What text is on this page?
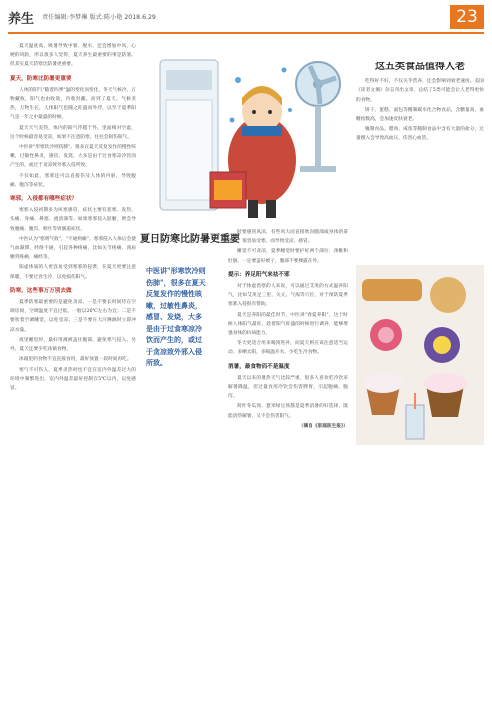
养生 责任编辑:李梦琳 版式:陈小艳 2018.6.29	23
夏日防寒比防暑更重要

夏天温度高，吸暑导致中暑、脱水，还会增加中风、心梗的风险，所以很多人觉得，夏天养生最重要的事是防暑。但其实夏天防寒比防暑更重要。

夏天，防寒比防暑更重要

人体的阳气"随着四季"温的变化而变化，冬天气候冷，万物藏收，阳气也由收敛，内收封藏。而到了夏天，气候炎热，万物生长，人体阳气也随之旺盛而外浮，以至于夏季阳气是一年之中最盛的时候。

夏天天气炎热，体内的阳气浮越于外，里面相对空虚，这个时候最容易受凉，如果不注意防寒，往往会损伤阳气。

中医讲"形寒饮冷则伤肺"。很多在夏天反复发作的慢性咳嗽，过敏性鼻炎，感冒、发烧，大多是由于过食寒凉冷饮而产生的，或过于贪凉致外邪入侵所致。

不仅如此，寒邪还可以直接伤及人体的内脏，导致腹痛、腹泻等症状。

寒邪，入侵都有哪些症状？

寒邪入侵初期多为风寒感冒，症状主要有恶寒、发热、头痛、身痛、鼻塞、流清涕等。如果寒邪侵入脏腑，则会导致腹痛、腹泻、呕吐等胃肠道症状。

中医认为"寒则气收"，"不通则痛"。寒邪侵入人体后会使气血凝滞，经络不通，引起各种疼痛，比如关节疼痛、颈肩腰背疼痛、痛经等。

阳虚体质的人更容易受到寒邪的侵袭，在夏天更要注意保暖，不要过食生冷，以免损伤阳气。

防寒，这些事万万别去做

夏季防寒最重要的是避免贪凉。一是不要长时间待在空调房间，空调温度不宜过低，一般以26℃左右为宜；二是不要吹着空调睡觉，以免受凉；三是不要在大汗淋漓时立即冲凉水澡。

夜里睡觉时，最好用薄被盖住腹部，避免寒气侵入。另外，夏天还要少吃冰镇食物。

冰箱里的食物不宜直接食用，最好放置一段时间再吃。

寒气不可伤人，夏季炎热时也不宜在室内外温差过大的环境中频繁进出，室内外温差最好控制在5℃以内，以免感冒。

中医讲"形寒饮冷则伤肺"，很多在夏天反复发作的慢性咳嗽，过敏性鼻炎，感冒、发烧，大多是由于过食寒凉冷饮而产生的，或过于贪凉致外邪入侵所致。

时要感到风凉，有些风大而直接吹向腿部或身体的某部位，很容易受寒，而导致受凉、感冒。

睡觉不可贪凉，夏季睡觉时要护好两个部位：颈椎和肚脐。一定要盖好被子，腹部不要裸露在外。

提示：养足阳气来祛不邪

对于体虚畏寒的人来说，可以通过艾灸的方式温补阳气，比如艾灸足三里、关元、气海等穴位，对于预防夏季寒邪入侵很有帮助。

夏天是养阳的最佳时节，中医讲"春夏养阳"，这个时候人体阳气最旺，趁着阳气旺盛的时候进行调养，能够增强身体的抗病能力。

冬天更适合用来喝汤进补，而夏天则应该注意适当运动、多晒太阳，多喝温开水，少吃生冷食物。

消暑，最食物而不是温度

夏天以来的暑热天气比较严重，很多人喜欢吃冷饮来解暑降温，但过量食用冷饮会伤害脾胃，引起腹痛、腹泻。

荷叶冬瓜汤、薏米绿豆汤都是夏季消暑的好选择，既能清热解暑，又不会伤害阳气。

（摘自《家庭医生报》）

这五类食品值得人老

吃得好不好，不仅关乎营养，还会影响到衰老速度。美国《读者文摘》杂志刊出文章，总结了5类可能会让人老得更快的食物。

饼干、蛋糕、面包等精制碳水化合物食品，含糖量高，血糖指数高，会加速皮肤衰老。

腌制食品。腊肉、咸鱼等腌制食品中含有大量的盐分，过量摄入会导致高血压，伤害心血管。
